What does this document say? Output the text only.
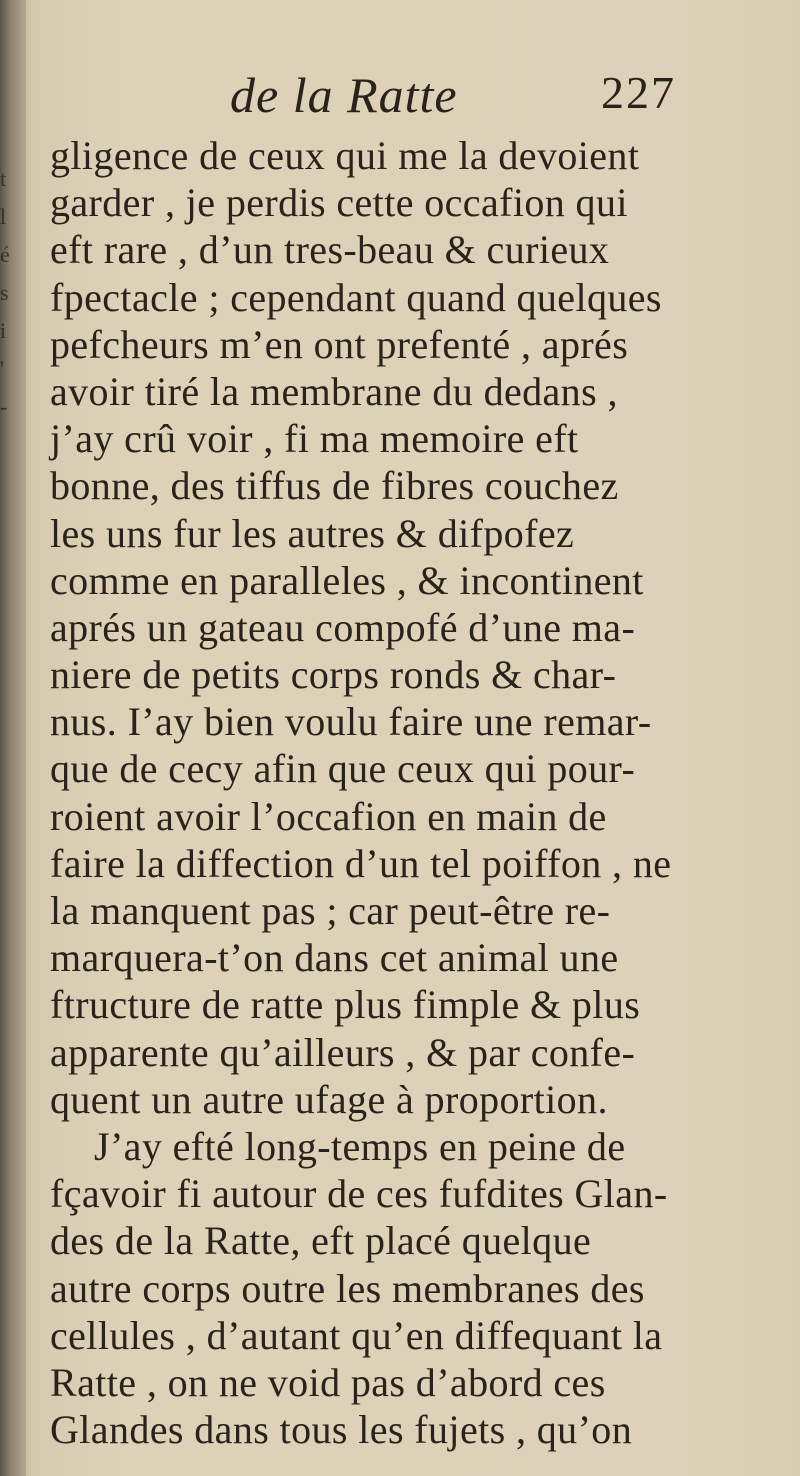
t
l
é
s
i
'
-
de la Ratte	227
gligence de ceux qui me la devoient
garder , je perdis cette occafion qui
eft rare , d’un tres-beau & curieux
fpectacle ; cependant quand quelques
pefcheurs m’en ont prefenté , aprés
avoir tiré la membrane du dedans ,
j’ay crû voir , fi ma memoire eft
bonne, des tiffus de fibres couchez
les uns fur les autres & difpofez
comme en paralleles , & incontinent
aprés un gateau compofé d’une ma-
niere de petits corps ronds & char-
nus. I’ay bien voulu faire une remar-
que de cecy afin que ceux qui pour-
roient avoir l’occafion en main de
faire la diffection d’un tel poiffon , ne
la manquent pas ; car peut-être re-
marquera-t’on dans cet animal une
ftructure de ratte plus fimple & plus
apparente qu’ailleurs , & par confe-
quent un autre ufage à proportion.
J’ay efté long-temps en peine de
fçavoir fi autour de ces fufdites Glan-
des de la Ratte, eft placé quelque
autre corps outre les membranes des
cellules , d’autant qu’en diffequant la
Ratte , on ne void pas d’abord ces
Glandes dans tous les fujets , qu’on
